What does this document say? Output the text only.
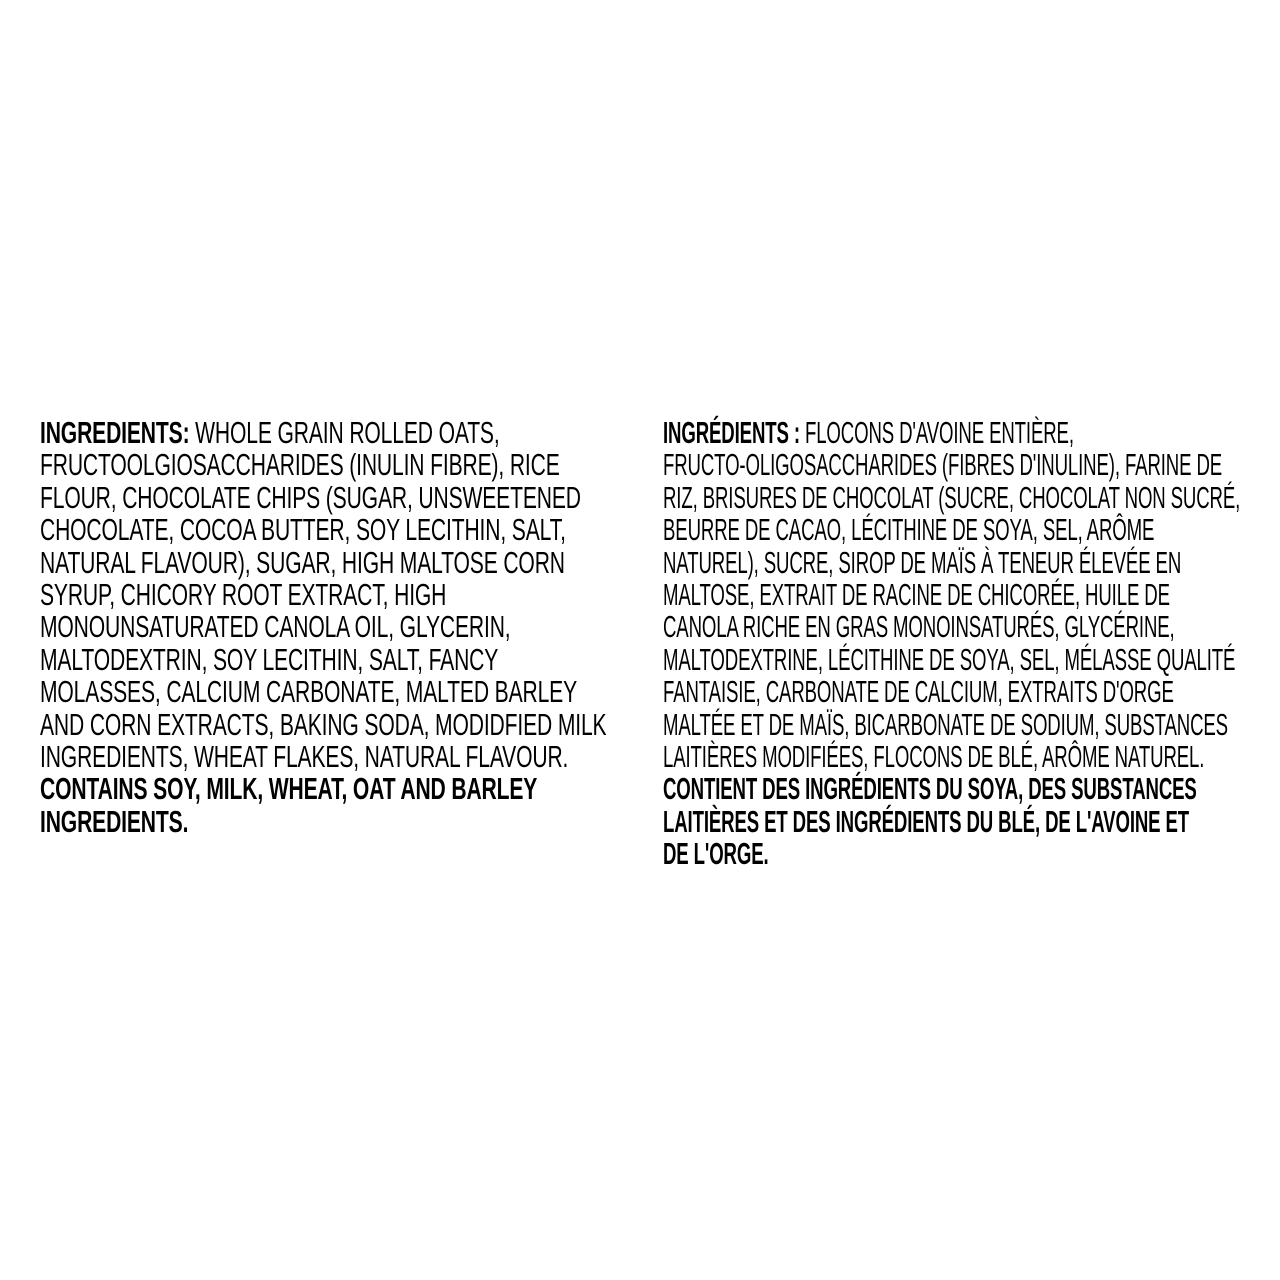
INGREDIENTS: WHOLE GRAIN ROLLED OATS,
FRUCTOOLGIOSACCHARIDES (INULIN FIBRE), RICE
FLOUR, CHOCOLATE CHIPS (SUGAR, UNSWEETENED
CHOCOLATE, COCOA BUTTER, SOY LECITHIN, SALT,
NATURAL FLAVOUR), SUGAR, HIGH MALTOSE CORN
SYRUP, CHICORY ROOT EXTRACT, HIGH
MONOUNSATURATED CANOLA OIL, GLYCERIN,
MALTODEXTRIN, SOY LECITHIN, SALT, FANCY
MOLASSES, CALCIUM CARBONATE, MALTED BARLEY
AND CORN EXTRACTS, BAKING SODA, MODIDFIED MILK
INGREDIENTS, WHEAT FLAKES, NATURAL FLAVOUR.
CONTAINS SOY, MILK, WHEAT, OAT AND BARLEY
INGREDIENTS.
INGRÉDIENTS : FLOCONS D'AVOINE ENTIÈRE,
FRUCTO-OLIGOSACCHARIDES (FIBRES D'INULINE), FARINE DE
RIZ, BRISURES DE CHOCOLAT (SUCRE, CHOCOLAT NON SUCRÉ,
BEURRE DE CACAO, LÉCITHINE DE SOYA, SEL, ARÔME
NATUREL), SUCRE, SIROP DE MAÏS À TENEUR ÉLEVÉE EN
MALTOSE, EXTRAIT DE RACINE DE CHICORÉE, HUILE DE
CANOLA RICHE EN GRAS MONOINSATURÉS, GLYCÉRINE,
MALTODEXTRINE, LÉCITHINE DE SOYA, SEL, MÉLASSE QUALITÉ
FANTAISIE, CARBONATE DE CALCIUM, EXTRAITS D'ORGE
MALTÉE ET DE MAÏS, BICARBONATE DE SODIUM, SUBSTANCES
LAITIÈRES MODIFIÉES, FLOCONS DE BLÉ, ARÔME NATUREL.
CONTIENT DES INGRÉDIENTS DU SOYA, DES SUBSTANCES
LAITIÈRES ET DES INGRÉDIENTS DU BLÉ, DE L'AVOINE ET
DE L'ORGE.
